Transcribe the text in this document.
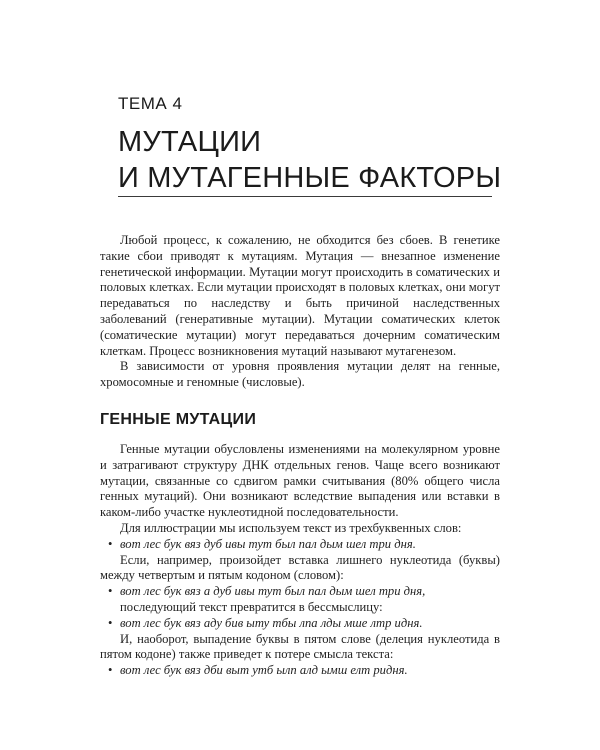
ТЕМА 4
МУТАЦИИ
И МУТАГЕННЫЕ ФАКТОРЫ

Любой процесс, к сожалению, не обходится без сбоев. В генетике такие сбои приводят к мутациям. Мутация — внезапное изменение генетической информации. Мутации могут происходить в соматических и половых клетках. Если мутации происходят в половых клетках, они могут передаваться по наследству и быть причиной наследственных заболеваний (генеративные мутации). Мутации соматических клеток (соматические мутации) могут передаваться дочерним соматическим клеткам. Процесс возникновения мутаций называют мутагенезом.

В зависимости от уровня проявления мутации делят на генные, хромосомные и геномные (числовые).

ГЕННЫЕ МУТАЦИИ

Генные мутации обусловлены изменениями на молекулярном уровне и затрагивают структуру ДНК отдельных генов. Чаще всего возникают мутации, связанные со сдвигом рамки считывания (80% общего числа генных мутаций). Они возникают вследствие выпадения или вставки в каком-либо участке нуклеотидной последовательности.

Для иллюстрации мы используем текст из трехбуквенных слов:

• вот лес бук вяз дуб ивы тут был пал дым шел три дня.

Если, например, произойдет вставка лишнего нуклеотида (буквы) между четвертым и пятым кодоном (словом):

• вот лес бук вяз а дуб ивы тут был пал дым шел три дня,

последующий текст превратится в бессмыслицу:

• вот лес бук вяз аду бив ыту тбы лпа лды мше лтр идня.

И, наоборот, выпадение буквы в пятом слове (делеция нуклеотида в пятом кодоне) также приведет к потере смысла текста:

• вот лес бук вяз дби выт утб ылп алд ымш елт ридня.
